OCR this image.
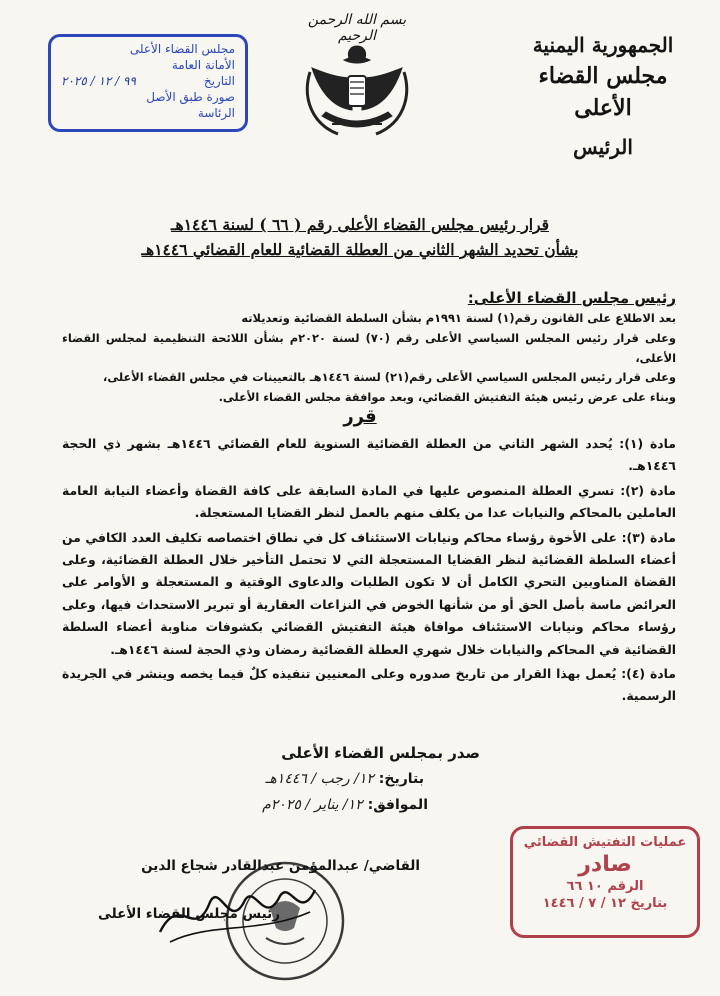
الجمهورية اليمنية
مجلس القضاء الأعلى
الرئيس
بسم الله الرحمن الرحيم
مجلس القضاء الأعلى
الأمانة العامة
التاريخ
٩٩ / ١٢ / ٢٠٢٥
صورة طبق الأصل
الرئاسة
قرار رئيس مجلس القضاء الأعلى رقم ( ٦٦ ) لسنة ١٤٤٦هـ
بشأن تحديد الشهر الثاني من العطلة القضائية للعام القضائي ١٤٤٦هـ
رئيس مجلس القضاء الأعلى:

بعد الاطلاع على القانون رقم(١) لسنة ١٩٩١م بشأن السلطة القضائية وتعديلاته

وعلى قرار رئيس المجلس السياسي الأعلى رقم (٧٠) لسنة ٢٠٢٠م بشأن اللائحة التنظيمية لمجلس القضاء الأعلى،

وعلى قرار رئيس المجلس السياسي الأعلى رقم(٢١) لسنة ١٤٤٦هـ بالتعيينات في مجلس القضاء الأعلى،

وبناء على عرض رئيس هيئة التفتيش القضائي، وبعد موافقة مجلس القضاء الأعلى.

قرر

مادة (١): يُحدد الشهر الثاني من العطلة القضائية السنوية للعام القضائي ١٤٤٦هـ بشهر ذي الحجة ١٤٤٦هـ.

مادة (٢): تسري العطلة المنصوص عليها في المادة السابقة على كافة القضاة وأعضاء النيابة العامة العاملين بالمحاكم والنيابات عدا من يكلف منهم بالعمل لنظر القضايا المستعجلة.

مادة (٣): على الأخوة رؤساء محاكم ونيابات الاستئناف كل في نطاق اختصاصه تكليف العدد الكافي من أعضاء السلطة القضائية لنظر القضايا المستعجلة التي لا تحتمل التأخير خلال العطلة القضائية، وعلى القضاة المناوبين التحري الكامل أن لا تكون الطلبات والدعاوى الوقتية و المستعجلة و الأوامر على العرائض ماسة بأصل الحق أو من شأنها الخوض في النزاعات العقارية أو تبرير الاستحداث فيها، وعلى رؤساء محاكم ونيابات الاستئناف موافاة هيئة التفتيش القضائي بكشوفات مناوبة أعضاء السلطة القضائية في المحاكم والنيابات خلال شهري العطلة القضائية رمضان وذي الحجة لسنة ١٤٤٦هـ.

مادة (٤): يُعمل بهذا القرار من تاريخ صدوره وعلى المعنيين تنفيذه كلٌ فيما يخصه وينشر في الجريدة الرسمية.

صدر بمجلس القضاء الأعلى
بتاريخ: ١٢/ رجب / ١٤٤٦هـ
الموافق: ١٢/ يناير / ٢٠٢٥م
القاضي/ عبدالمؤمن عبدالقادر شجاع الدين
رئيس مجلس القضاء الأعلى
عمليات التفتيش القضائي
صادر
الرقم ١٠ ٦٦
بتاريخ ١٢ / ٧ / ١٤٤٦
